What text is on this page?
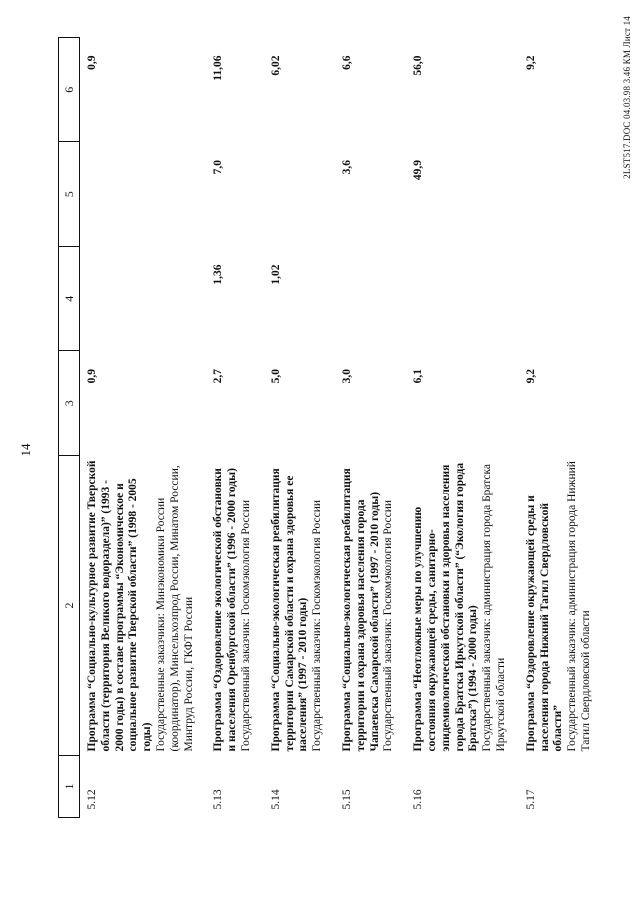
14
1	2	3	4	5	6
5.12	Программа “Социально-культурное развитие Тверской области (территория Великого водораздела)” (1993 - 2000 годы) в составе программы “Экономическое и социальное развитие Тверской области” (1998 - 2005 годы) Государственные заказчики: Минэкономики России (координатор), Минсельхозпрод России, Минатом России, Минтруд России, ГКФТ России	0,9			0,9
5.13	Программа “Оздоровление экологической обстановки и населения Оренбургской области” (1996 - 2000 годы) Государственный заказчик: Госкомэкология России	2,7	1,36	7,0	11,06
5.14	Программа “Социально-экологическая реабилитация территории Самарской области и охрана здоровья ее населения” (1997 - 2010 годы) Государственный заказчик: Госкомэкология России	5,0	1,02		6,02
5.15	Программа “Социально-экологическая реабилитация территории и охрана здоровья населения города Чапаевска Самарской области” (1997 - 2010 годы) Государственный заказчик: Госкомэкология России	3,0		3,6	6,6
5.16	Программа “Неотложные меры по улучшению состояния окружающей среды, санитарно-эпидемиологической обстановки и здоровья населения города Братска Иркутской области” (“Экология города Братска”) (1994 - 2000 годы) Государственный заказчик: администрация города Братска Иркутской области	6,1		49,9	56,0
5.17	Программа “Оздоровление окружающей среды и населения города Нижний Тагил Свердловской области” Государственный заказчик: администрация города Нижний Тагил Свердловской области	9,2			9,2	2LST517.DOC 04.03.98 3.46 КМ Лист 14
